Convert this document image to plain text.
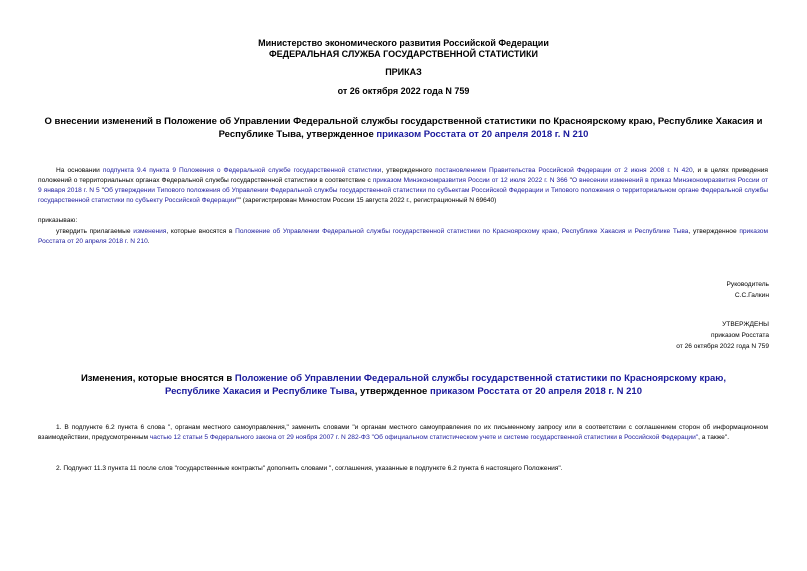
Министерство экономического развития Российской Федерации
ФЕДЕРАЛЬНАЯ СЛУЖБА ГОСУДАРСТВЕННОЙ СТАТИСТИКИ
ПРИКАЗ
от 26 октября 2022 года N 759
О внесении изменений в Положение об Управлении Федеральной службы государственной статистики по Красноярскому краю, Республике Хакасия и Республике Тыва, утвержденное приказом Росстата от 20 апреля 2018 г. N 210
На основании подпункта 9.4 пункта 9 Положения о Федеральной службе государственной статистики, утвержденного постановлением Правительства Российской Федерации от 2 июня 2008 г. N 420, и в целях приведения положений о территориальных органах Федеральной службы государственной статистики в соответствие с приказом Минэкономразвития России от 12 июля 2022 г. N 366 "О внесении изменений в приказ Минэкономразвития России от 9 января 2018 г. N 5 "Об утверждении Типового положения об Управлении Федеральной службы государственной статистики по субъектам Российской Федерации и Типового положения о территориальном органе Федеральной службы государственной статистики по субъекту Российской Федерации"" (зарегистрирован Минюстом России 15 августа 2022 г., регистрационный N 69640)
приказываю:
утвердить прилагаемые изменения, которые вносятся в Положение об Управлении Федеральной службы государственной статистики по Красноярскому краю, Республике Хакасия и Республике Тыва, утвержденное приказом Росстата от 20 апреля 2018 г. N 210.
Руководитель
С.С.Галкин
УТВЕРЖДЕНЫ
приказом Росстата
от 26 октября 2022 года N 759
Изменения, которые вносятся в Положение об Управлении Федеральной службы государственной статистики по Красноярскому краю, Республике Хакасия и Республике Тыва, утвержденное приказом Росстата от 20 апреля 2018 г. N 210
1. В подпункте 6.2 пункта 6 слова ", органам местного самоуправления," заменить словами "и органам местного самоуправления по их письменному запросу или в соответствии с соглашением сторон об информационном взаимодействии, предусмотренным частью 12 статьи 5 Федерального закона от 29 ноября 2007 г. N 282-ФЗ "Об официальном статистическом учете и системе государственной статистики в Российской Федерации", а также".
2. Подпункт 11.3 пункта 11 после слов "государственные контракты" дополнить словами ", соглашения, указанные в подпункте 6.2 пункта 6 настоящего Положения".
